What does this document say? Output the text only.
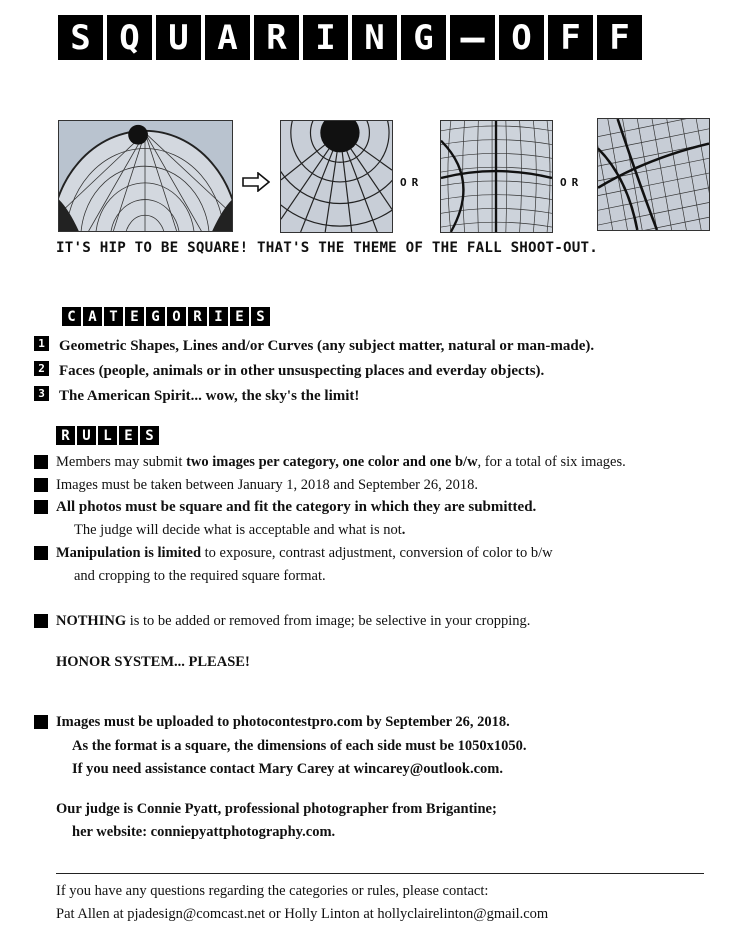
S Q U A R I N G — O F F
OR	OR
IT'S HIP TO BE SQUARE! THAT'S THE THEME OF THE FALL SHOOT-OUT.
C A T E G O R I E S
1 Geometric Shapes, Lines and/or Curves (any subject matter, natural or man-made).
2 Faces (people, animals or in other unsuspecting places and everday objects).
3 The American Spirit... wow, the sky's the limit!
R U L E S
Members may submit two images per category, one color and one b/w, for a total of six images.
Images must be taken between January 1, 2018 and September 26, 2018.
All photos must be square and fit the category in which they are submitted.
The judge will decide what is acceptable and what is not.
Manipulation is limited to exposure, contrast adjustment, conversion of color to b/w
and cropping to the required square format.
NOTHING is to be added or removed from image; be selective in your cropping.
HONOR SYSTEM... PLEASE!
Images must be uploaded to photocontestpro.com by September 26, 2018.
As the format is a square, the dimensions of each side must be 1050x1050.
If you need assistance contact Mary Carey at wincarey@outlook.com.
Our judge is Connie Pyatt, professional photographer from Brigantine;
her website: conniepyattphotography.com.
If you have any questions regarding the categories or rules, please contact:
Pat Allen at pjadesign@comcast.net or Holly Linton at hollyclairelinton@gmail.com
